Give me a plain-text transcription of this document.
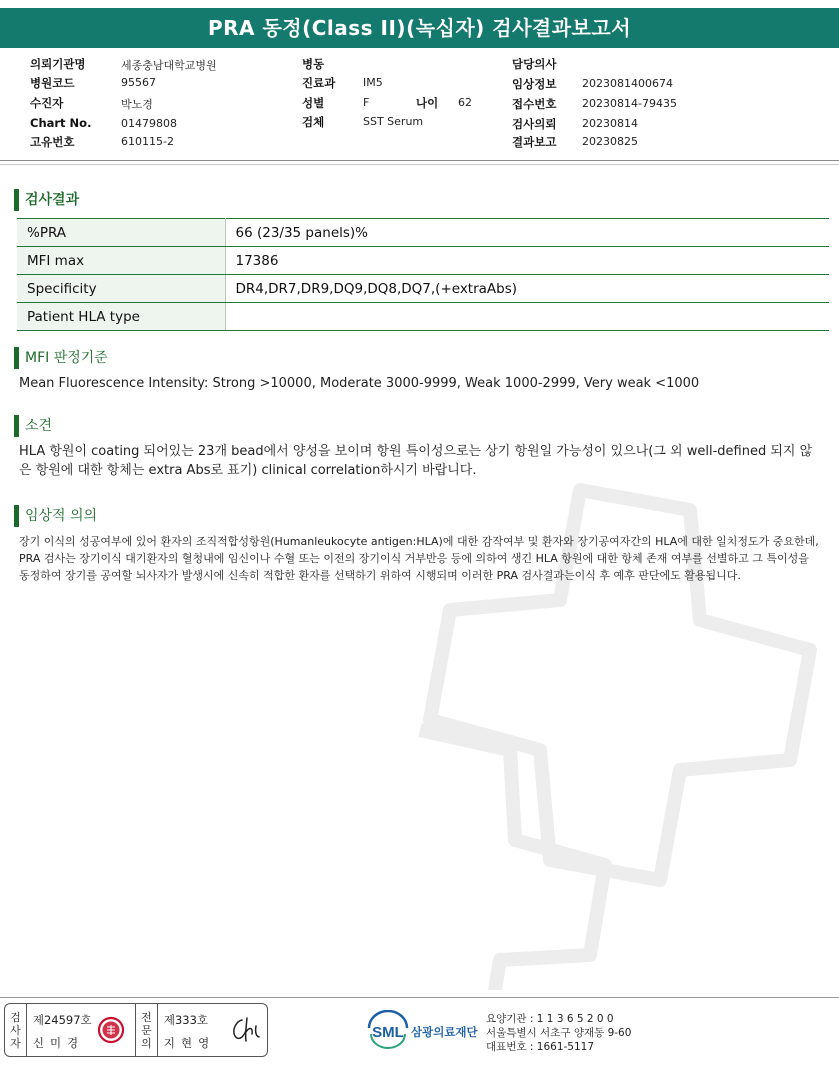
PRA 동정(Class II)(녹십자) 검사결과보고서
의뢰기관명	세종충남대학교병원
병원코드	95567
수진자	박노경
Chart No.	01479808
고유번호	610115-2
병동
진료과	IM5
성별	F	나이 62
검체	SST Serum
담당의사
임상정보 2023081400674
접수번호 20230814-79435
검사의뢰 20230814
결과보고 20230825
검사결과
%PRA	66 (23/35 panels)%
MFI max	17386
Specificity	DR4,DR7,DR9,DQ9,DQ8,DQ7,(+extraAbs)
Patient HLA type	
MFI 판정기준
Mean Fluorescence Intensity: Strong >10000, Moderate 3000-9999, Weak 1000-2999, Very weak <1000
소견
HLA 항원이 coating 되어있는 23개 bead에서 양성을 보이며 항원 특이성으로는 상기 항원일 가능성이 있으나(그 외 well-defined 되지 않은 항원에 대한 항체는 extra Abs로 표기) clinical correlation하시기 바랍니다.
임상적 의의
장기 이식의 성공여부에 있어 환자의 조직적합성항원(Humanleukocyte antigen:HLA)에 대한 감작여부 및 환자와 장기공여자간의 HLA에 대한 일치정도가 중요한데, PRA 검사는 장기이식 대기환자의 혈청내에 임신이나 수혈 또는 이전의 장기이식 거부반응 등에 의하여 생긴 HLA 항원에 대한 항체 존재 여부를 선별하고 그 특이성을 동정하여 장기를 공여할 뇌사자가 발생시에 신속히 적합한 환자를 선택하기 위하여 시행되며 이러한 PRA 검사결과는이식 후 예후 판단에도 활용됩니다.
검
사
자
제24597호
신미경
전
문
의
제333호
지현영
SML 삼광의료재단
요양기관 : 1 1 3 6 5 2 0 0
서울특별시 서초구 양재동 9-60
대표번호 : 1661-5117
